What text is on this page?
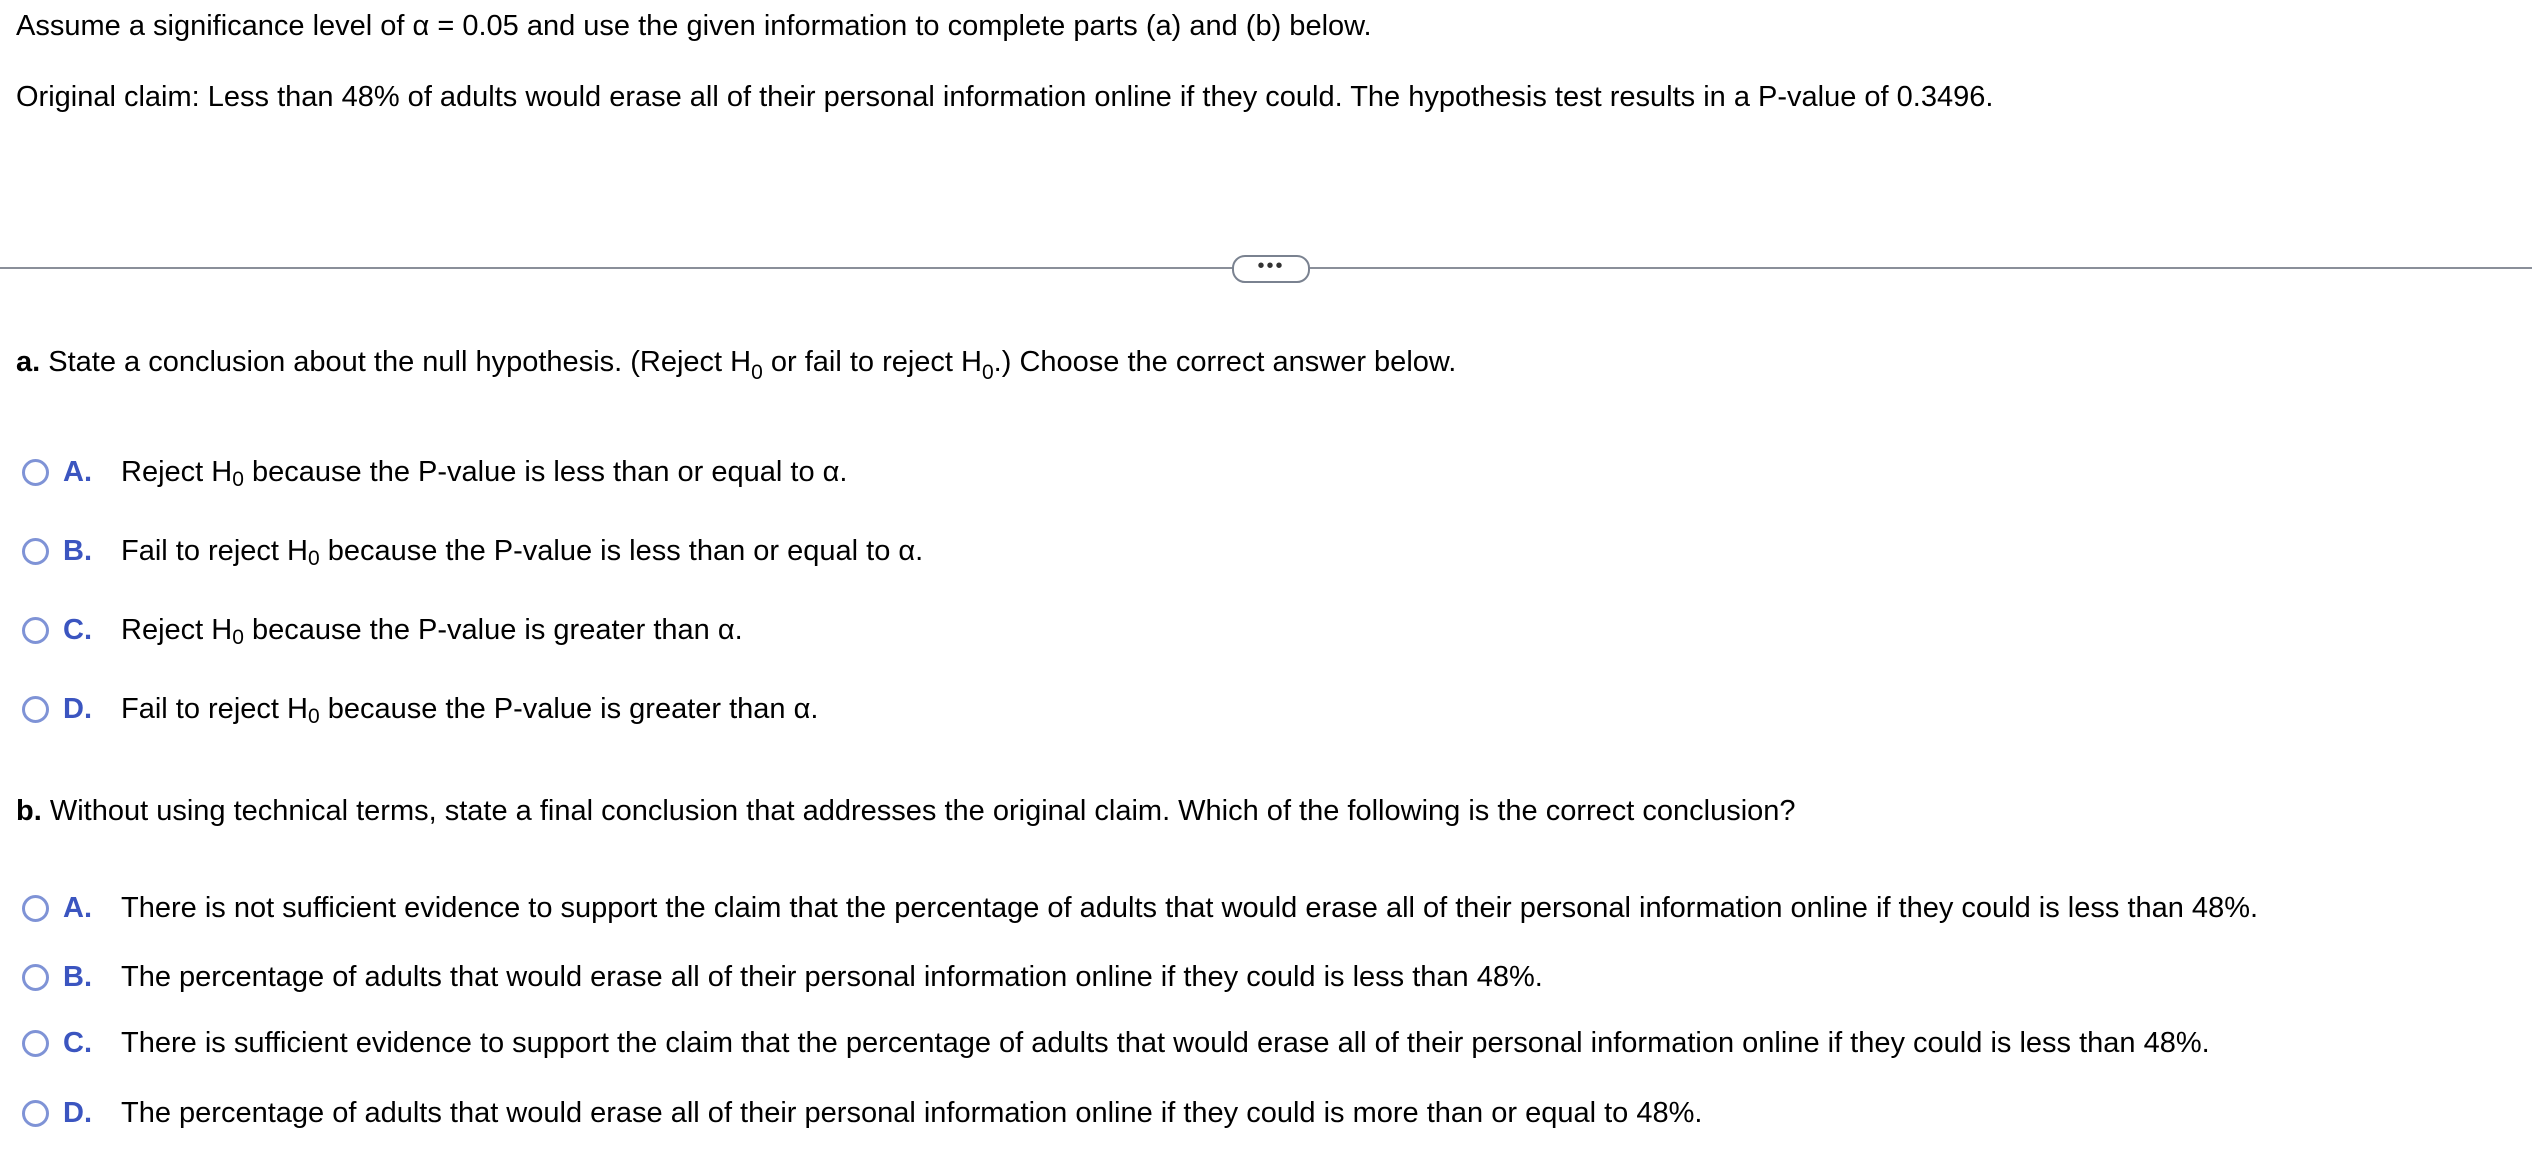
Assume a significance level of α = 0.05 and use the given information to complete parts (a) and (b) below.
Original claim: Less than 48% of adults would erase all of their personal information online if they could. The hypothesis test results in a P-value of 0.3496.
•••
a. State a conclusion about the null hypothesis. (Reject $H_0$ or fail to reject $H_0$.) Choose the correct answer below.
A.	Reject H 0 because the P-value is less than or equal to α.
B.	Fail to reject H 0 because the P-value is less than or equal to α.
C.	Reject H 0 because the P-value is greater than α.
D.	Fail to reject H 0 because the P-value is greater than α.
b. Without using technical terms, state a final conclusion that addresses the original claim. Which of the following is the correct conclusion?
A.	There is not sufficient evidence to support the claim that the percentage of adults that would erase all of their personal information online if they could is less than 48%.
B.	The percentage of adults that would erase all of their personal information online if they could is less than 48%.
C.	There is sufficient evidence to support the claim that the percentage of adults that would erase all of their personal information online if they could is less than 48%.
D.	The percentage of adults that would erase all of their personal information online if they could is more than or equal to 48%.
